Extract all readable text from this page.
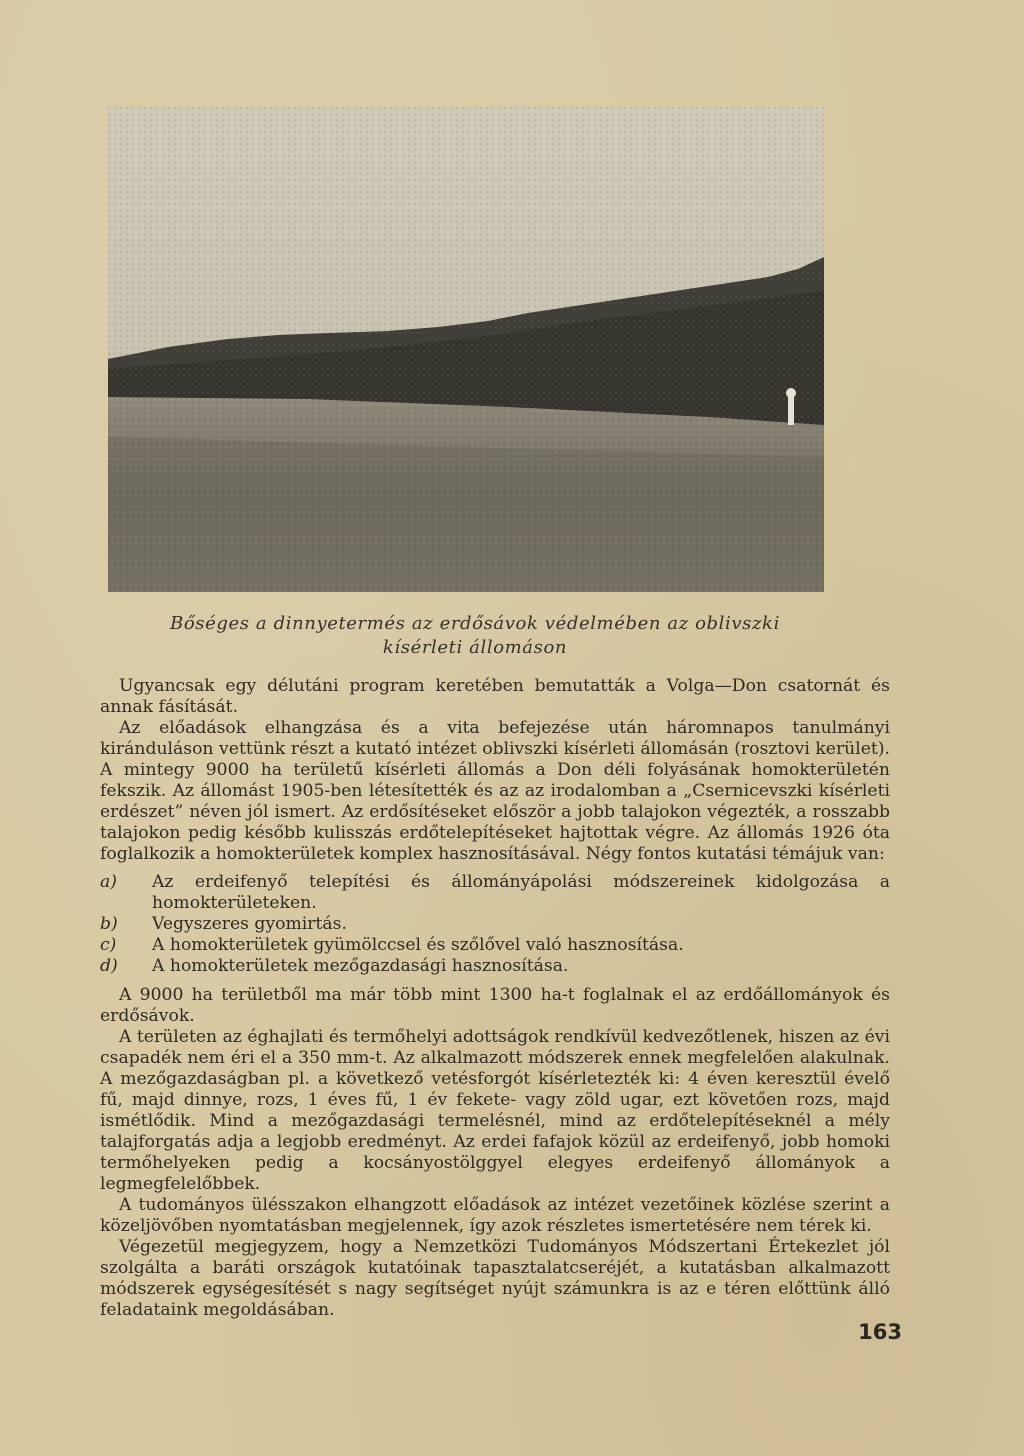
Bőséges a dinnyetermés az erdősávok védelmében az oblivszki
kísérleti állomáson

Ugyancsak egy délutáni program keretében bemutatták a Volga—Don csatornát és annak fásítását.

Az előadások elhangzása és a vita befejezése után háromnapos tanulmányi kiránduláson vettünk részt a kutató intézet oblivszki kísérleti állomásán (rosztovi kerület). A mintegy 9000 ha területű kísérleti állomás a Don déli folyásának homokterületén fekszik. Az állomást 1905-ben létesítették és az az irodalomban a „Cserniсevszki kísérleti erdészet” néven jól ismert. Az erdősítéseket először a jobb talajokon végezték, a rosszabb talajokon pedig később kulisszás erdőtelepítéseket hajtottak végre. Az állomás 1926 óta foglalkozik a homokterületek komplex hasznosításával. Négy fontos kutatási témájuk van:

a) Az erdeifenyő telepítési és állományápolási módszereinek kidolgozása a homokterületeken.
b) Vegyszeres gyomirtás.
c) A homokterületek gyümölccsel és szőlővel való hasznosítása.
d) A homokterületek mezőgazdasági hasznosítása.

A 9000 ha területből ma már több mint 1300 ha-t foglalnak el az erdőállományok és erdősávok.

A területen az éghajlati és termőhelyi adottságok rendkívül kedvezőtlenek, hiszen az évi csapadék nem éri el a 350 mm-t. Az alkalmazott módszerek ennek megfelelően alakulnak. A mezőgazdaságban pl. a következő vetésforgót kísérletezték ki: 4 éven keresztül évelő fű, majd dinnye, rozs, 1 éves fű, 1 év fekete- vagy zöld ugar, ezt követően rozs, majd ismétlődik. Mind a mezőgazdasági termelésnél, mind az erdőtelepítéseknél a mély talajforgatás adja a legjobb eredményt. Az erdei fafajok közül az erdeifenyő, jobb homoki termőhelyeken pedig a kocsányostölggyel elegyes erdeifenyő állományok a legmegfelelőbbek.

A tudományos ülésszakon elhangzott előadások az intézet vezetőinek közlése szerint a közeljövőben nyomtatásban megjelennek, így azok részletes ismertetésére nem térek ki.

Végezetül megjegyzem, hogy a Nemzetközi Tudományos Módszertani Értekezlet jól szolgálta a baráti országok kutatóinak tapasztalatcseréjét, a kutatásban alkalmazott módszerek egységesítését s nagy segítséget nyújt számunkra is az e téren előttünk álló feladataink megoldásában.

163
